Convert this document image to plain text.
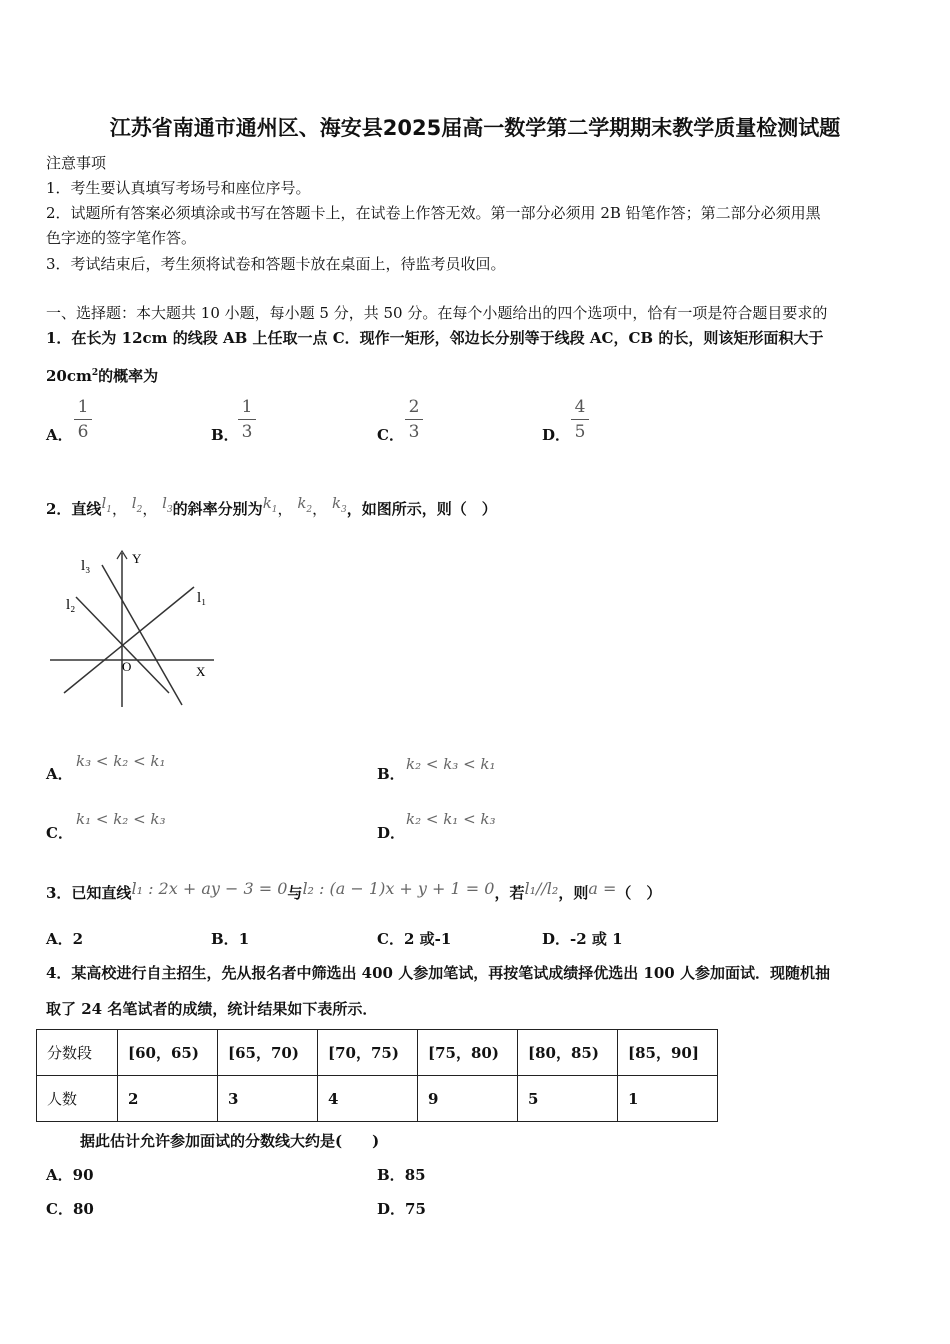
江苏省南通市通州区、海安县2025届高一数学第二学期期末教学质量检测试题
注意事项
1．考生要认真填写考场号和座位序号。
2．试题所有答案必须填涂或书写在答题卡上，在试卷上作答无效。第一部分必须用 2B 铅笔作答；第二部分必须用黑
色字迹的签字笔作答。
3．考试结束后，考生须将试卷和答题卡放在桌面上，待监考员收回。
一、选择题：本大题共 10 小题，每小题 5 分，共 50 分。在每个小题给出的四个选项中，恰有一项是符合题目要求的
1．在长为 12cm 的线段 AB 上任取一点 C．现作一矩形，邻边长分别等于线段 AC，CB 的长，则该矩形面积大于
$20cm^2$的概率为
A．
1
6	B．
1
3	C．
2
3	D．
4
5
2．直线$l_1$， $l_2$， $l_3$的斜率分别为$k_1$， $k_2$， $k_3$，如图所示，则（　）
l₃
l₂	l₁
Y
X
O
A．
k₃ < k₂ < k₁
B．
k₂ < k₃ < k₁
C．
k₁ < k₂ < k₃
D．
k₂ < k₁ < k₃
3．已知直线l₁ : 2x + ay − 3 = 0与l₂ : (a − 1)x + y + 1 = 0，若l₁//l₂，则a =（　）
A．2	B．1	C．2 或-1	D．-2 或 1
4．某高校进行自主招生，先从报名者中筛选出 400 人参加笔试，再按笔试成绩择优选出 100 人参加面试．现随机抽
取了 24 名笔试者的成绩，统计结果如下表所示．
分数段	[60，65)	[65，70)	[70，75)	[75，80)	[80，85)	[85，90]
人数	2	3	4	9	5	1
据此估计允许参加面试的分数线大约是(　　)
A．90	B．85
C．80	D．75
